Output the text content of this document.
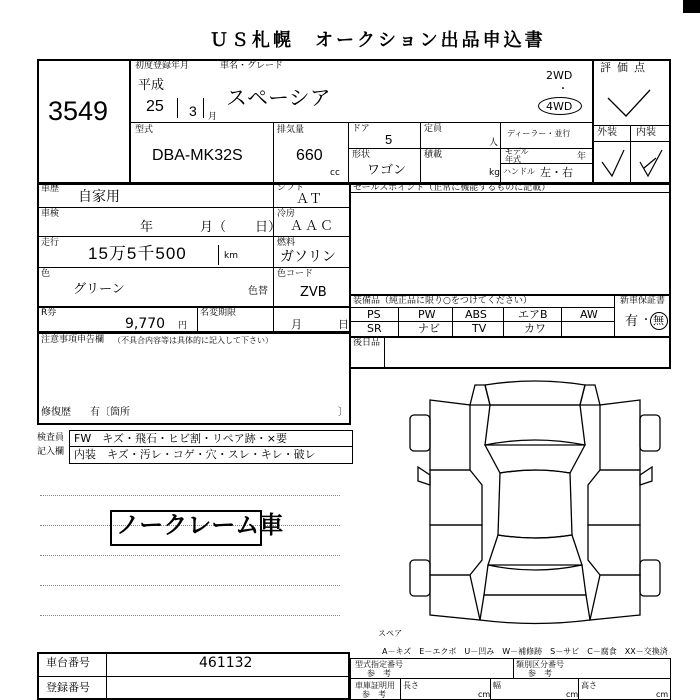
ＵＳ札幌　オークション出品申込書
3549
初度登録年月
平成
25 3 月
車名・グレード
スペーシア
2WD
・
4WD
評価点
外装 内装
型式
DBA-MK32S
排気量
660
cc
ドア
5
定員
人
ディーラー・並行
モデル
年式	年
形状
ワゴン
積載
kg ハンドル 左・右
車歴 自家用
シフト
ＡＴ
車検
年	月（ 日）
冷房
ＡＡＣ
走行
15万5千500	km
燃料
ガソリン
色
グリーン
色コード
色替 ZVB
R券
9,770 円
名変期限
月	日
注意事項申告欄 （不具合内容等は具体的に記入して下さい）
修復歴 有〔箇所	〕
セールスポイント（正常に機能するものに記載）
装備品（純正品に限り○をつけてください）	新車保証書
有 ・ 無
PS	PW	ABS	エアB	AW
SR	ナビ	TV	カワ
後日品
検査員
記入欄
FW　キズ・飛石・ヒビ割・リペア跡・×要
内装　キズ・汚レ・コゲ・穴・スレ・キレ・破レ
ノークレーム車
スペア
A－キズ　E－エクボ　U－凹み　W－補修跡　S－サビ　C－腐食　XX－交換済
車台番号	461132
登録番号
型式指定番号
参　考
類別区分番号
参　考
車庫証明用
参　考
長さ
cm
幅
cm
高さ
cm
